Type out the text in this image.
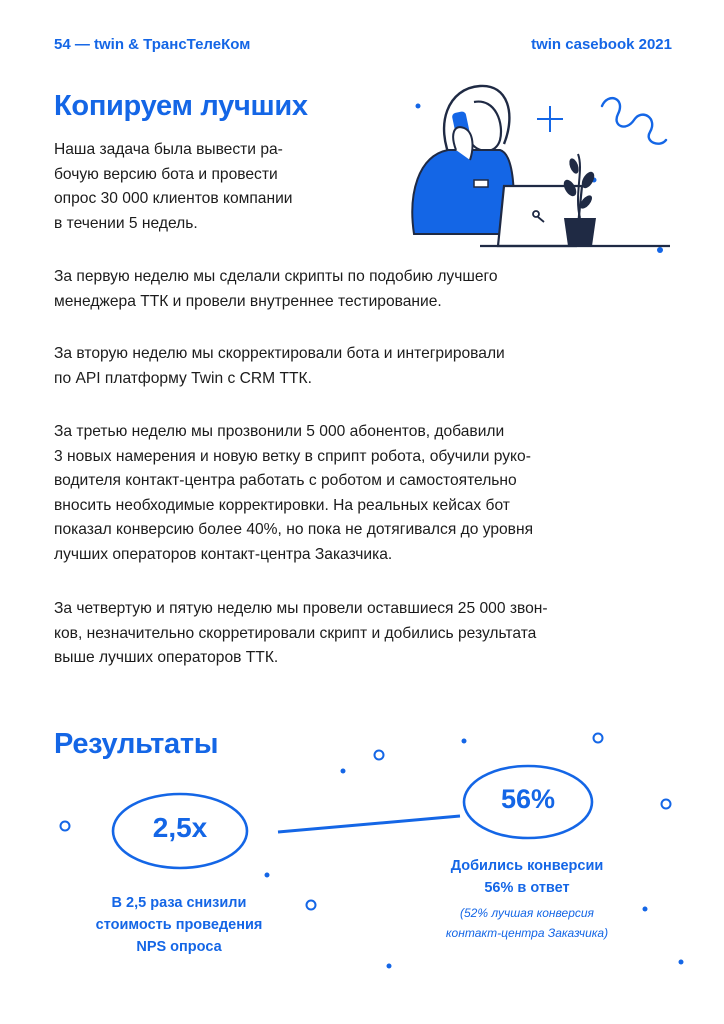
54 — twin & ТрансТелеКом	twin casebook 2021
Копируем лучших

Наша задача была вывести ра-
бочую версию бота и провести
опрос 30 000 клиентов компании
в течении 5 недель.

За первую неделю мы сделали скрипты по подобию лучшего
менеджера ТТК и провели внутреннее тестирование.

За вторую неделю мы скорректировали бота и интегрировали
по API платформу Twin с CRM ТТК.

За третью неделю мы прозвонили 5 000 абонентов, добавили
3 новых намерения и новую ветку в сприпт робота, обучили руко-
водителя контакт-центра работать с роботом и самостоятельно
вносить необходимые корректировки. На реальных кейсах бот
показал конверсию более 40%, но пока не дотягивался до уровня
лучших операторов контакт-центра Заказчика.

За четвертую и пятую неделю мы провели оставшиеся 25 000 звон-
ков, незначительно скорретировали скрипт и добились результата
выше лучших операторов ТТК.

Результаты
2,5x
56%
В 2,5 раза снизили
стоимость проведения
NPS опроса
Добились конверсии
56% в ответ
(52% лучшая конверсия
контакт-центра Заказчика)
